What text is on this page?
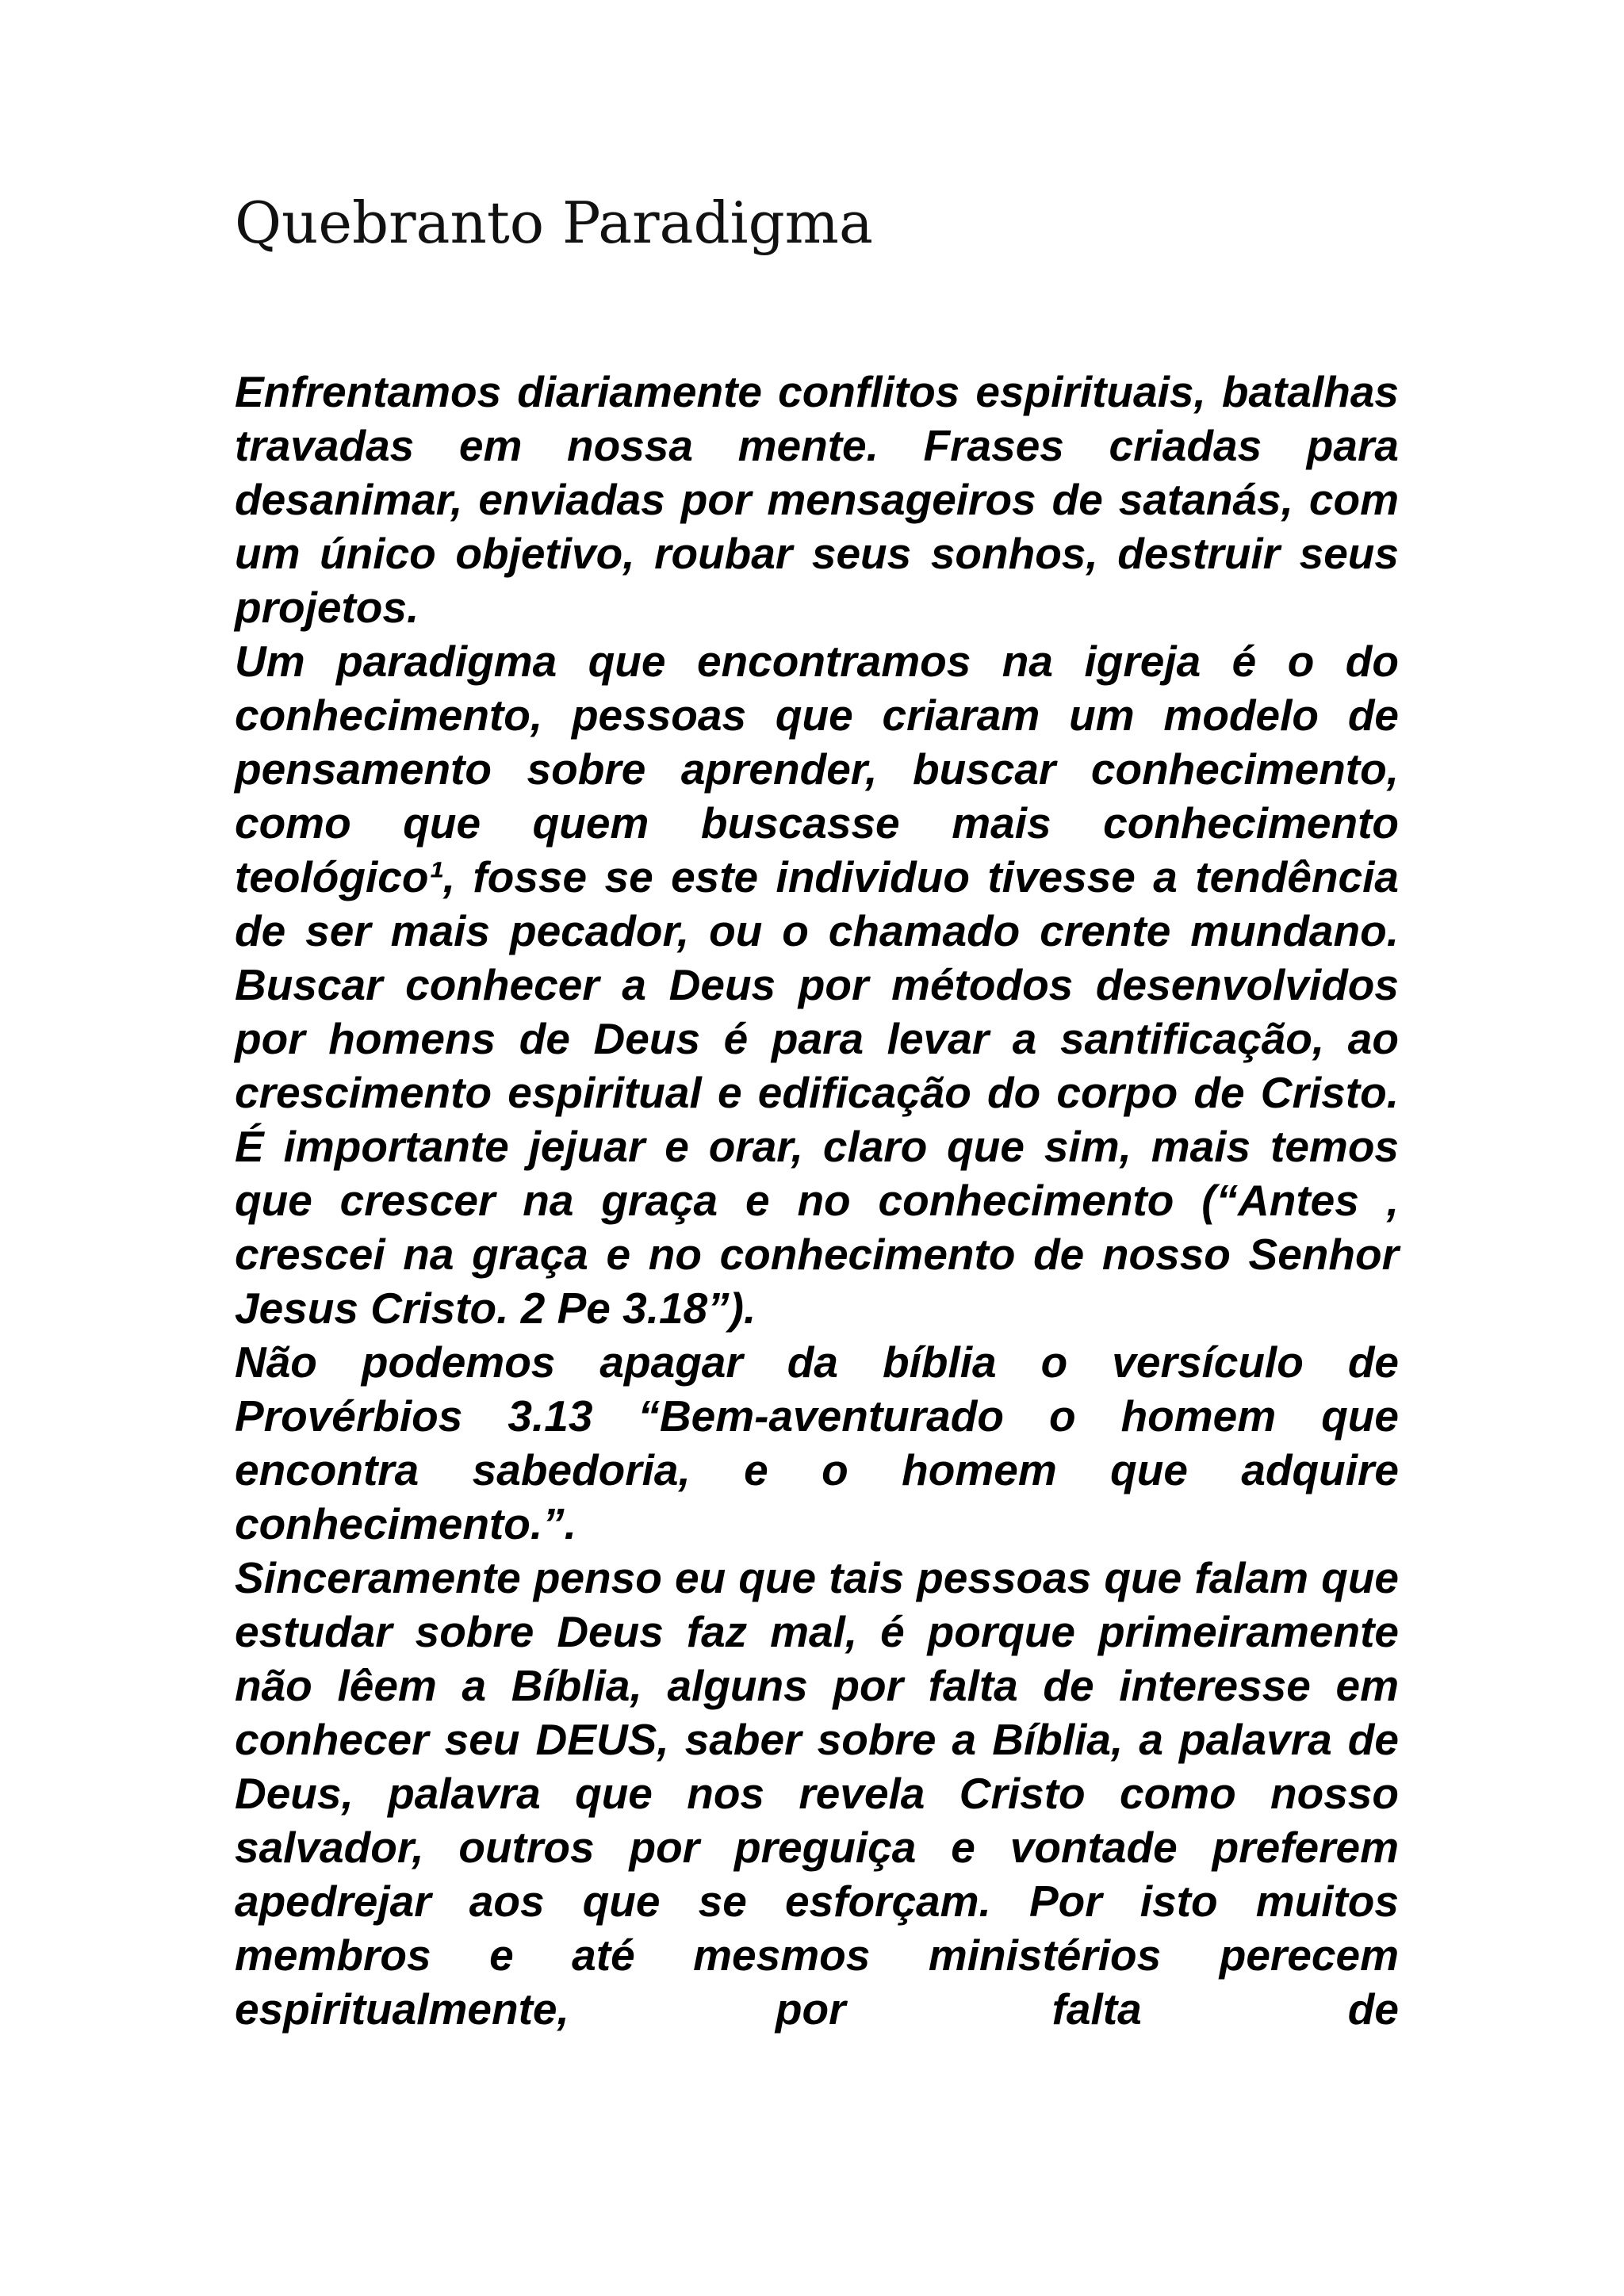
Quebranto Paradigma

Enfrentamos diariamente conflitos espirituais, batalhas travadas em nossa mente. Frases criadas para desanimar, enviadas por mensageiros de satanás, com um único objetivo, roubar seus sonhos, destruir seus projetos.

Um paradigma que encontramos na igreja é o do conhecimento, pessoas que criaram um modelo de pensamento sobre aprender, buscar conhecimento, como que quem buscasse mais conhecimento teológico¹, fosse se este individuo tivesse a tendência de ser mais pecador, ou o chamado crente mundano. Buscar conhecer a Deus por métodos desenvolvidos por homens de Deus é para levar a santificação, ao crescimento espiritual e edificação do corpo de Cristo. É importante jejuar e orar, claro que sim, mais temos que crescer na graça e no conhecimento (“Antes , crescei na graça e no conhecimento de nosso Senhor Jesus Cristo. 2 Pe 3.18”).

Não podemos apagar da bíblia o versículo de Provérbios 3.13 “Bem-aventurado o homem que encontra sabedoria, e o homem que adquire conhecimento.”.

Sinceramente penso eu que tais pessoas que falam que estudar sobre Deus faz mal, é porque primeiramente não lêem a Bíblia, alguns por falta de interesse em conhecer seu DEUS, saber sobre a Bíblia, a palavra de Deus, palavra que nos revela Cristo como nosso salvador, outros por preguiça e vontade preferem apedrejar aos que se esforçam. Por isto muitos membros e até mesmos ministérios perecem espiritualmente, por falta de
